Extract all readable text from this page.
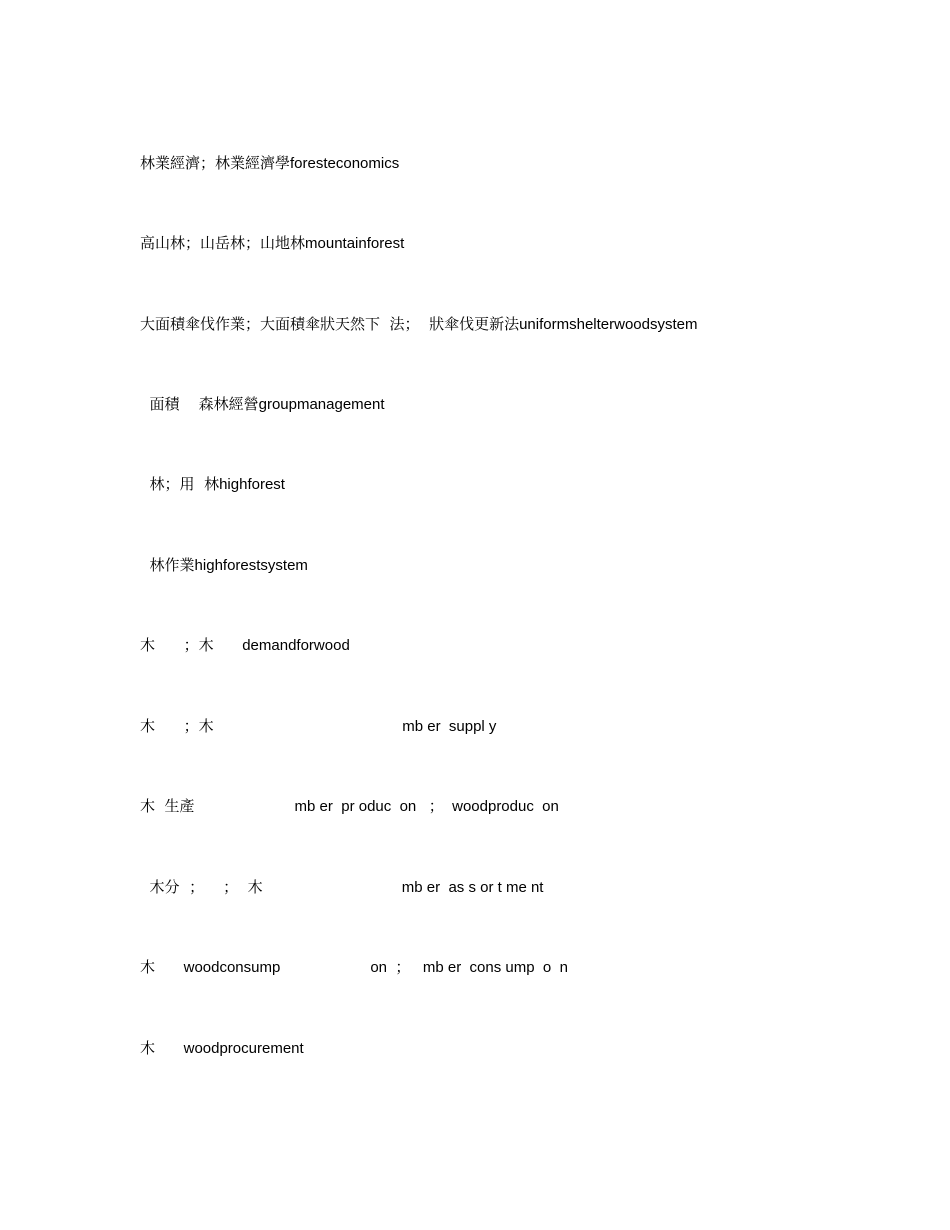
林業經濟；林業經濟學foresteconomics
高山林；山岳林；山地林mountainforest
大面積傘伐作業；大面積傘狀天然下  法；  狀傘伐更新法uniformshelterwoodsystem
面積    森林經營groupmanagement
林；用  林highforest
林作業highforestsystem
木      ；木      demandforwood
木      ；木	mb er  suppl y
木  生產	mb er  pr oduc  on   ；  woodproduc  on
木分  ；    ；  木	mb er  as s or t me nt
木      woodconsump	on  ；   mb er  cons ump  o  n
木      woodprocurement
